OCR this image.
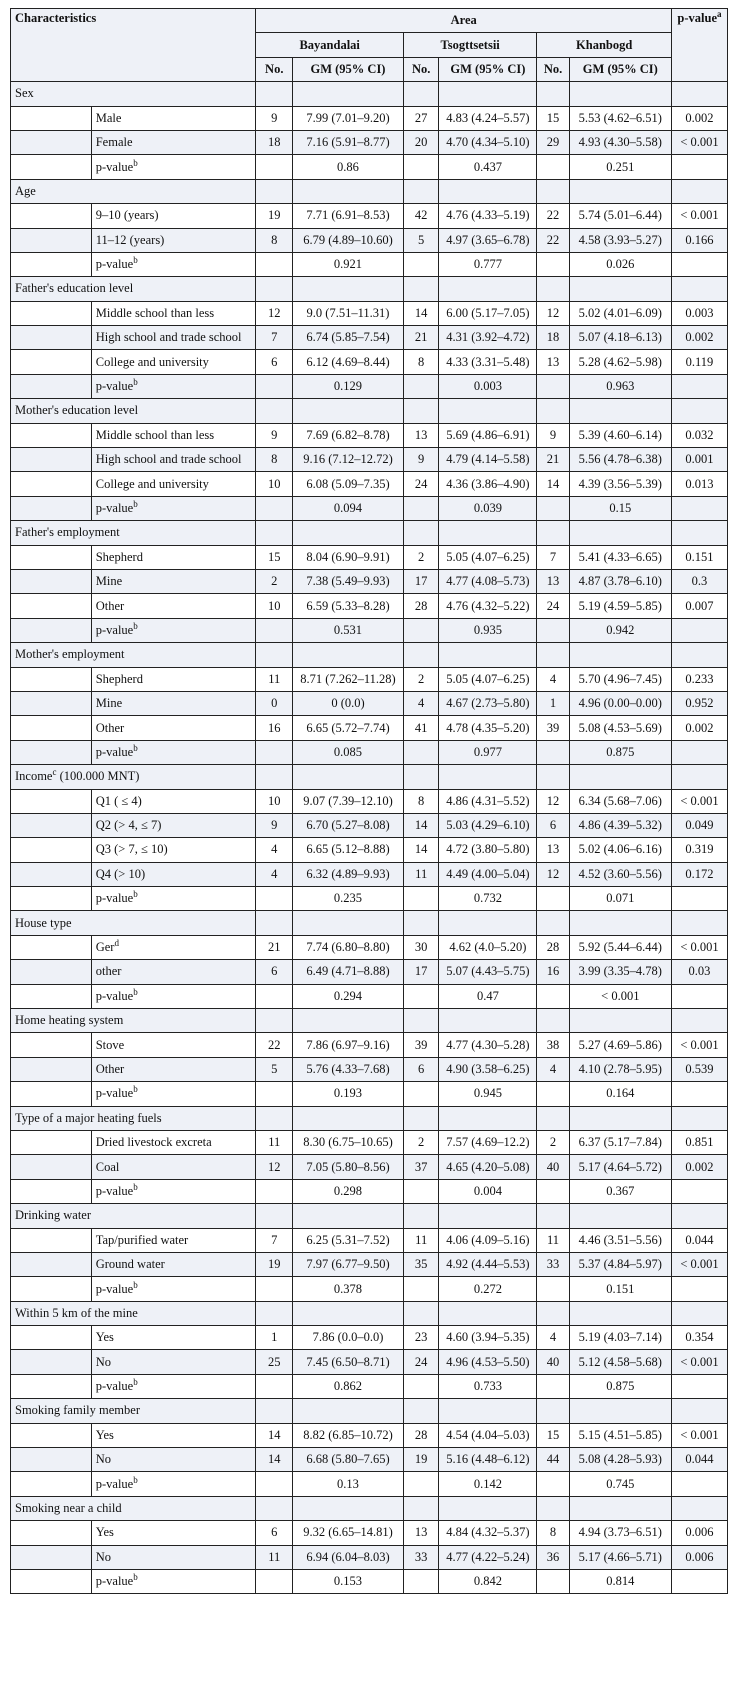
Characteristics		Area						p-value$^a$
		Bayandalai		Tsogttsetsii		Khanbogd		
		No.	GM (95% CI)	No.	GM (95% CI)	No.	GM (95% CI)	
Sex								
	Male	9	7.99 (7.01–9.20)	27	4.83 (4.24–5.57)	15	5.53 (4.62–6.51)	0.002
	Female	18	7.16 (5.91–8.77)	20	4.70 (4.34–5.10)	29	4.93 (4.30–5.58)	< 0.001
	p-value$^b$		0.86		0.437		0.251	
Age								
	9–10 (years)	19	7.71 (6.91–8.53)	42	4.76 (4.33–5.19)	22	5.74 (5.01–6.44)	< 0.001
	11–12 (years)	8	6.79 (4.89–10.60)	5	4.97 (3.65–6.78)	22	4.58 (3.93–5.27)	0.166
	p-value$^b$		0.921		0.777		0.026	
Father's education level								
	Middle school than less	12	9.0 (7.51–11.31)	14	6.00 (5.17–7.05)	12	5.02 (4.01–6.09)	0.003
	High school and trade school	7	6.74 (5.85–7.54)	21	4.31 (3.92–4.72)	18	5.07 (4.18–6.13)	0.002
	College and university	6	6.12 (4.69–8.44)	8	4.33 (3.31–5.48)	13	5.28 (4.62–5.98)	0.119
	p-value$^b$		0.129		0.003		0.963	
Mother's education level								
	Middle school than less	9	7.69 (6.82–8.78)	13	5.69 (4.86–6.91)	9	5.39 (4.60–6.14)	0.032
	High school and trade school	8	9.16 (7.12–12.72)	9	4.79 (4.14–5.58)	21	5.56 (4.78–6.38)	0.001
	College and university	10	6.08 (5.09–7.35)	24	4.36 (3.86–4.90)	14	4.39 (3.56–5.39)	0.013
	p-value$^b$		0.094		0.039		0.15	
Father's employment								
	Shepherd	15	8.04 (6.90–9.91)	2	5.05 (4.07–6.25)	7	5.41 (4.33–6.65)	0.151
	Mine	2	7.38 (5.49–9.93)	17	4.77 (4.08–5.73)	13	4.87 (3.78–6.10)	0.3
	Other	10	6.59 (5.33–8.28)	28	4.76 (4.32–5.22)	24	5.19 (4.59–5.85)	0.007
	p-value$^b$		0.531		0.935		0.942	
Mother's employment								
	Shepherd	11	8.71 (7.262–11.28)	2	5.05 (4.07–6.25)	4	5.70 (4.96–7.45)	0.233
	Mine	0	0 (0.0)	4	4.67 (2.73–5.80)	1	4.96 (0.00–0.00)	0.952
	Other	16	6.65 (5.72–7.74)	41	4.78 (4.35–5.20)	39	5.08 (4.53–5.69)	0.002
	p-value$^b$		0.085		0.977		0.875	
Income$^c$ (100.000 MNT)								
	Q1 ( ≤ 4)	10	9.07 (7.39–12.10)	8	4.86 (4.31–5.52)	12	6.34 (5.68–7.06)	< 0.001
	Q2 (> 4, ≤ 7)	9	6.70 (5.27–8.08)	14	5.03 (4.29–6.10)	6	4.86 (4.39–5.32)	0.049
	Q3 (> 7, ≤ 10)	4	6.65 (5.12–8.88)	14	4.72 (3.80–5.80)	13	5.02 (4.06–6.16)	0.319
	Q4 (> 10)	4	6.32 (4.89–9.93)	11	4.49 (4.00–5.04)	12	4.52 (3.60–5.56)	0.172
	p-value$^b$		0.235		0.732		0.071	
House type								
	Ger$^d$	21	7.74 (6.80–8.80)	30	4.62 (4.0–5.20)	28	5.92 (5.44–6.44)	< 0.001
	other	6	6.49 (4.71–8.88)	17	5.07 (4.43–5.75)	16	3.99 (3.35–4.78)	0.03
	p-value$^b$		0.294		0.47		< 0.001	
Home heating system								
	Stove	22	7.86 (6.97–9.16)	39	4.77 (4.30–5.28)	38	5.27 (4.69–5.86)	< 0.001
	Other	5	5.76 (4.33–7.68)	6	4.90 (3.58–6.25)	4	4.10 (2.78–5.95)	0.539
	p-value$^b$		0.193		0.945		0.164	
Type of a major heating fuels								
	Dried livestock excreta	11	8.30 (6.75–10.65)	2	7.57 (4.69–12.2)	2	6.37 (5.17–7.84)	0.851
	Coal	12	7.05 (5.80–8.56)	37	4.65 (4.20–5.08)	40	5.17 (4.64–5.72)	0.002
	p-value$^b$		0.298		0.004		0.367	
Drinking water								
	Tap/purified water	7	6.25 (5.31–7.52)	11	4.06 (4.09–5.16)	11	4.46 (3.51–5.56)	0.044
	Ground water	19	7.97 (6.77–9.50)	35	4.92 (4.44–5.53)	33	5.37 (4.84–5.97)	< 0.001
	p-value$^b$		0.378		0.272		0.151	
Within 5 km of the mine								
	Yes	1	7.86 (0.0–0.0)	23	4.60 (3.94–5.35)	4	5.19 (4.03–7.14)	0.354
	No	25	7.45 (6.50–8.71)	24	4.96 (4.53–5.50)	40	5.12 (4.58–5.68)	< 0.001
	p-value$^b$		0.862		0.733		0.875	
Smoking family member								
	Yes	14	8.82 (6.85–10.72)	28	4.54 (4.04–5.03)	15	5.15 (4.51–5.85)	< 0.001
	No	14	6.68 (5.80–7.65)	19	5.16 (4.48–6.12)	44	5.08 (4.28–5.93)	0.044
	p-value$^b$		0.13		0.142		0.745	
Smoking near a child								
	Yes	6	9.32 (6.65–14.81)	13	4.84 (4.32–5.37)	8	4.94 (3.73–6.51)	0.006
	No	11	6.94 (6.04–8.03)	33	4.77 (4.22–5.24)	36	5.17 (4.66–5.71)	0.006
	p-value$^b$		0.153		0.842		0.814	
